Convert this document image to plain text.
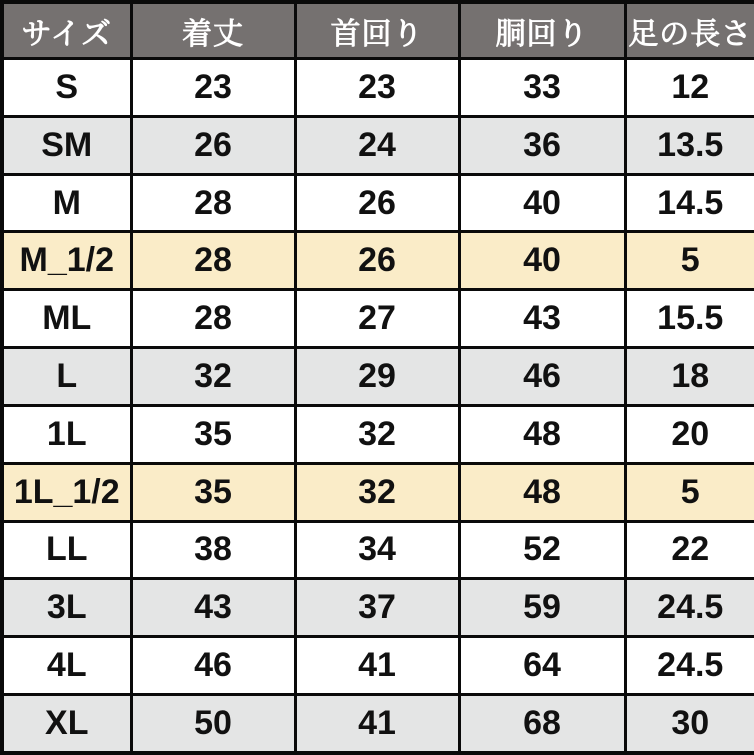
サイズ	着丈	首回り	胴回り	足の長さ
S	23	23	33	12
SM	26	24	36	13.5
M	28	26	40	14.5
M_1/2	28	26	40	5
ML	28	27	43	15.5
L	32	29	46	18
1L	35	32	48	20
1L_1/2	35	32	48	5
LL	38	34	52	22
3L	43	37	59	24.5
4L	46	41	64	24.5
XL	50	41	68	30
